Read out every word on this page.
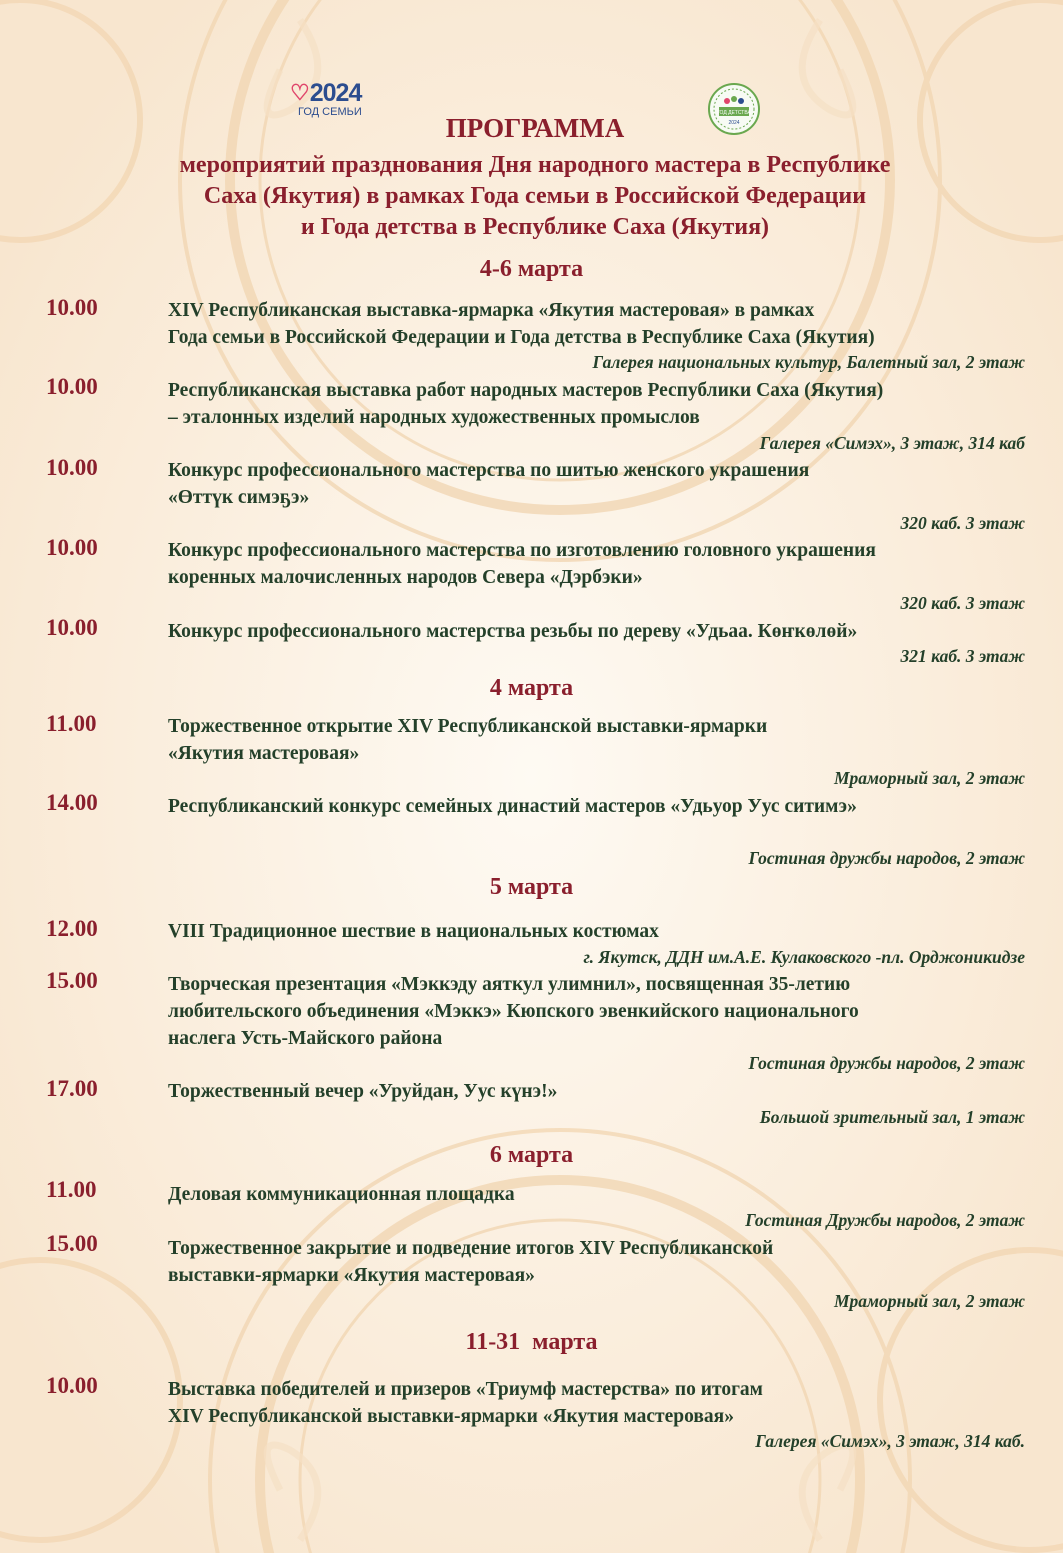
♡ 2024
ГОД СЕМЬИ	ГОД ДЕТСТВА
2024
ПРОГРАММА
мероприятий празднования Дня народного мастера в Республике
Саха (Якутия) в рамках Года семьи в Российской Федерации
и Года детства в Республике Саха (Якутия)
4-6 марта
10.00	XIV Республиканская выставка-ярмарка «Якутия мастеровая» в рамках
Года семьи в Российской Федерации и Года детства в Республике Саха (Якутия)
Галерея национальных культур, Балетный зал, 2 этаж
10.00	Республиканская выставка работ народных мастеров Республики Саха (Якутия)
– эталонных изделий народных художественных промыслов
Галерея «Симэх», 3 этаж, 314 каб
10.00	Конкурс профессионального мастерства по шитью женского украшения
«Өттүк симэҕэ»
320 каб. 3 этаж
10.00	Конкурс профессионального мастерства по изготовлению головного украшения
коренных малочисленных народов Севера «Дэрбэки»
320 каб. 3 этаж
10.00	Конкурс профессионального мастерства резьбы по дереву «Удьаа. Көҥкөлөй»
321 каб. 3 этаж
4 марта
11.00	Торжественное открытие XIV Республиканской выставки-ярмарки
«Якутия мастеровая»
Мраморный зал, 2 этаж
14.00	Республиканский конкурс семейных династий мастеров «Удьуор Уус ситимэ»
Гостиная дружбы народов, 2 этаж
5 марта
12.00	VIII Традиционное шествие в национальных костюмах
г. Якутск, ДДН им.А.Е. Кулаковского -пл. Орджоникидзе
15.00	Творческая презентация «Мэккэду аяткул улимнил», посвященная 35-летию
любительского объединения «Мэккэ» Кюпского эвенкийского национального
наслега Усть-Майского района
Гостиная дружбы народов, 2 этаж
17.00	Торжественный вечер «Уруйдан, Уус күнэ!»
Большой зрительный зал, 1 этаж
6 марта
11.00	Деловая коммуникационная площадка
Гостиная Дружбы народов, 2 этаж
15.00	Торжественное закрытие и подведение итогов XIV Республиканской
выставки-ярмарки «Якутия мастеровая»
Мраморный зал, 2 этаж
11-31  марта
10.00	Выставка победителей и призеров «Триумф мастерства» по итогам
XIV Республиканской выставки-ярмарки «Якутия мастеровая»
Галерея «Симэх», 3 этаж, 314 каб.
